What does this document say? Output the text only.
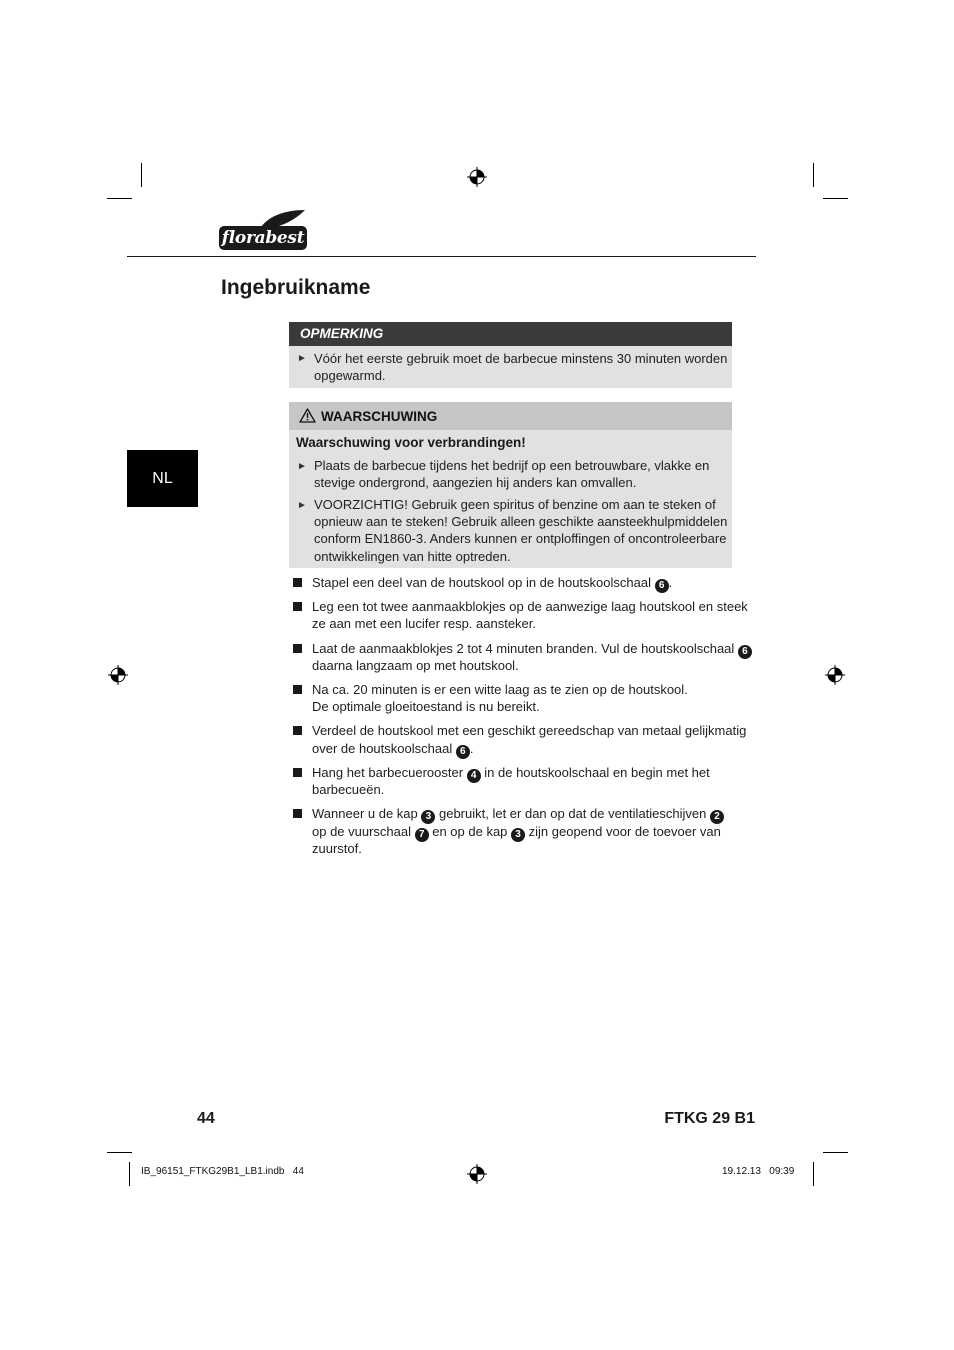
florabest
Ingebruikname
NL
OPMERKING
► Vóór het eerste gebruik moet de barbecue minstens 30 minuten worden
opgewarmd.
WAARSCHUWING
Waarschuwing voor verbrandingen!
► Plaats de barbecue tijdens het bedrijf op een betrouwbare, vlakke en
stevige ondergrond, aangezien hij anders kan omvallen.
► VOORZICHTIG! Gebruik geen spiritus of benzine om aan te steken of
opnieuw aan te steken! Gebruik alleen geschikte aansteekhulpmiddelen
conform EN1860-3. Anders kunnen er ontploffingen of oncontroleerbare
ontwikkelingen van hitte optreden.
Stapel een deel van de houtskool op in de houtskoolschaal 6 .
Leg een tot twee aanmaakblokjes op de aanwezige laag houtskool en steek
ze aan met een lucifer resp. aansteker.
Laat de aanmaakblokjes 2 tot 4 minuten branden. Vul de houtskoolschaal 6
daarna langzaam op met houtskool.
Na ca. 20 minuten is er een witte laag as te zien op de houtskool.
De optimale gloeitoestand is nu bereikt.
Verdeel de houtskool met een geschikt gereedschap van metaal gelijkmatig
over de houtskoolschaal 6 .
Hang het barbecuerooster 4 in de houtskoolschaal en begin met het
barbecueën.
Wanneer u de kap 3 gebruikt, let er dan op dat de ventilatieschijven 2
op de vuurschaal 7 en op de kap 3 zijn geopend voor de toevoer van
zuurstof.
44	FTKG 29 B1
IB_96151_FTKG29B1_LB1.indb   44	19.12.13   09:39
